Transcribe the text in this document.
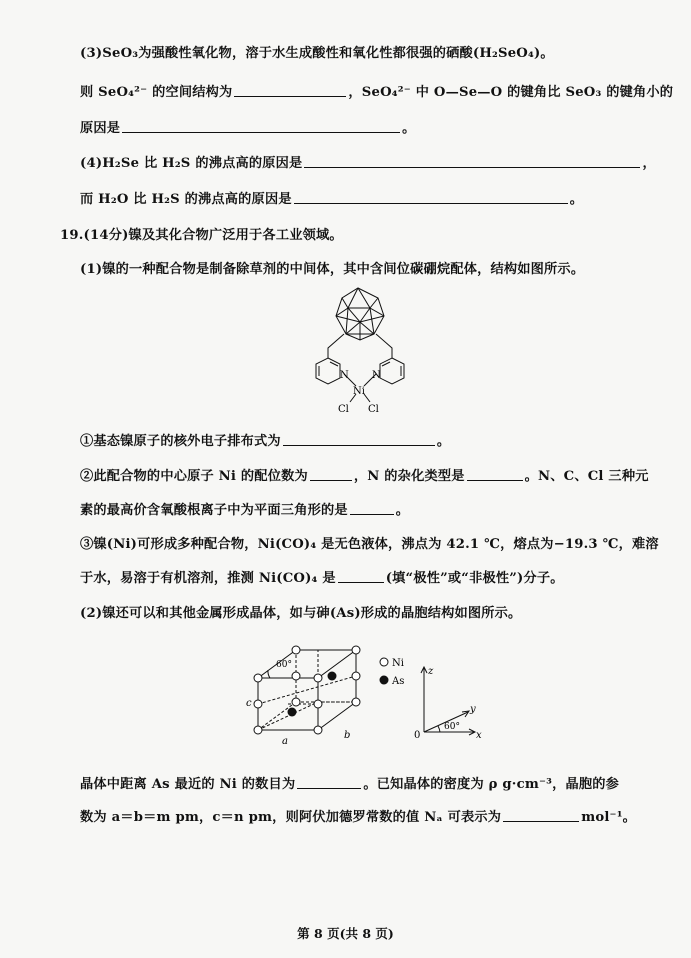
(3)SeO₃为强酸性氧化物，溶于水生成酸性和氧化性都很强的硒酸(H₂SeO₄)。
则 SeO₄²⁻ 的空间结构为	，SeO₄²⁻ 中 O—Se—O 的键角比 SeO₃ 的键角小的
原因是	。
(4)H₂Se 比 H₂S 的沸点高的原因是	，
而 H₂O 比 H₂S 的沸点高的原因是	。
19.(14分)镍及其化合物广泛用于各工业领域。
(1)镍的一种配合物是制备除草剂的中间体，其中含间位碳硼烷配体，结构如图所示。
N N
Ni
Cl Cl
①基态镍原子的核外电子排布式为	。
②此配合物的中心原子 Ni 的配位数为	，N 的杂化类型是	。N、C、Cl 三种元
素的最高价含氧酸根离子中为平面三角形的是	。
③镍(Ni)可形成多种配合物，Ni(CO)₄ 是无色液体，沸点为 42.1 ℃，熔点为−19.3 ℃，难溶
于水，易溶于有机溶剂，推测 Ni(CO)₄ 是	(填“极性”或“非极性”)分子。
(2)镍还可以和其他金属形成晶体，如与砷(As)形成的晶胞结构如图所示。
60°
c
a
b
Ni
As
z
y
x
0
60°
晶体中距离 As 最近的 Ni 的数目为	。已知晶体的密度为 ρ g·cm⁻³，晶胞的参
数为 a＝b＝m pm，c＝n pm，则阿伏加德罗常数的值 Nₐ 可表示为	mol⁻¹。
第 8 页(共 8 页)
